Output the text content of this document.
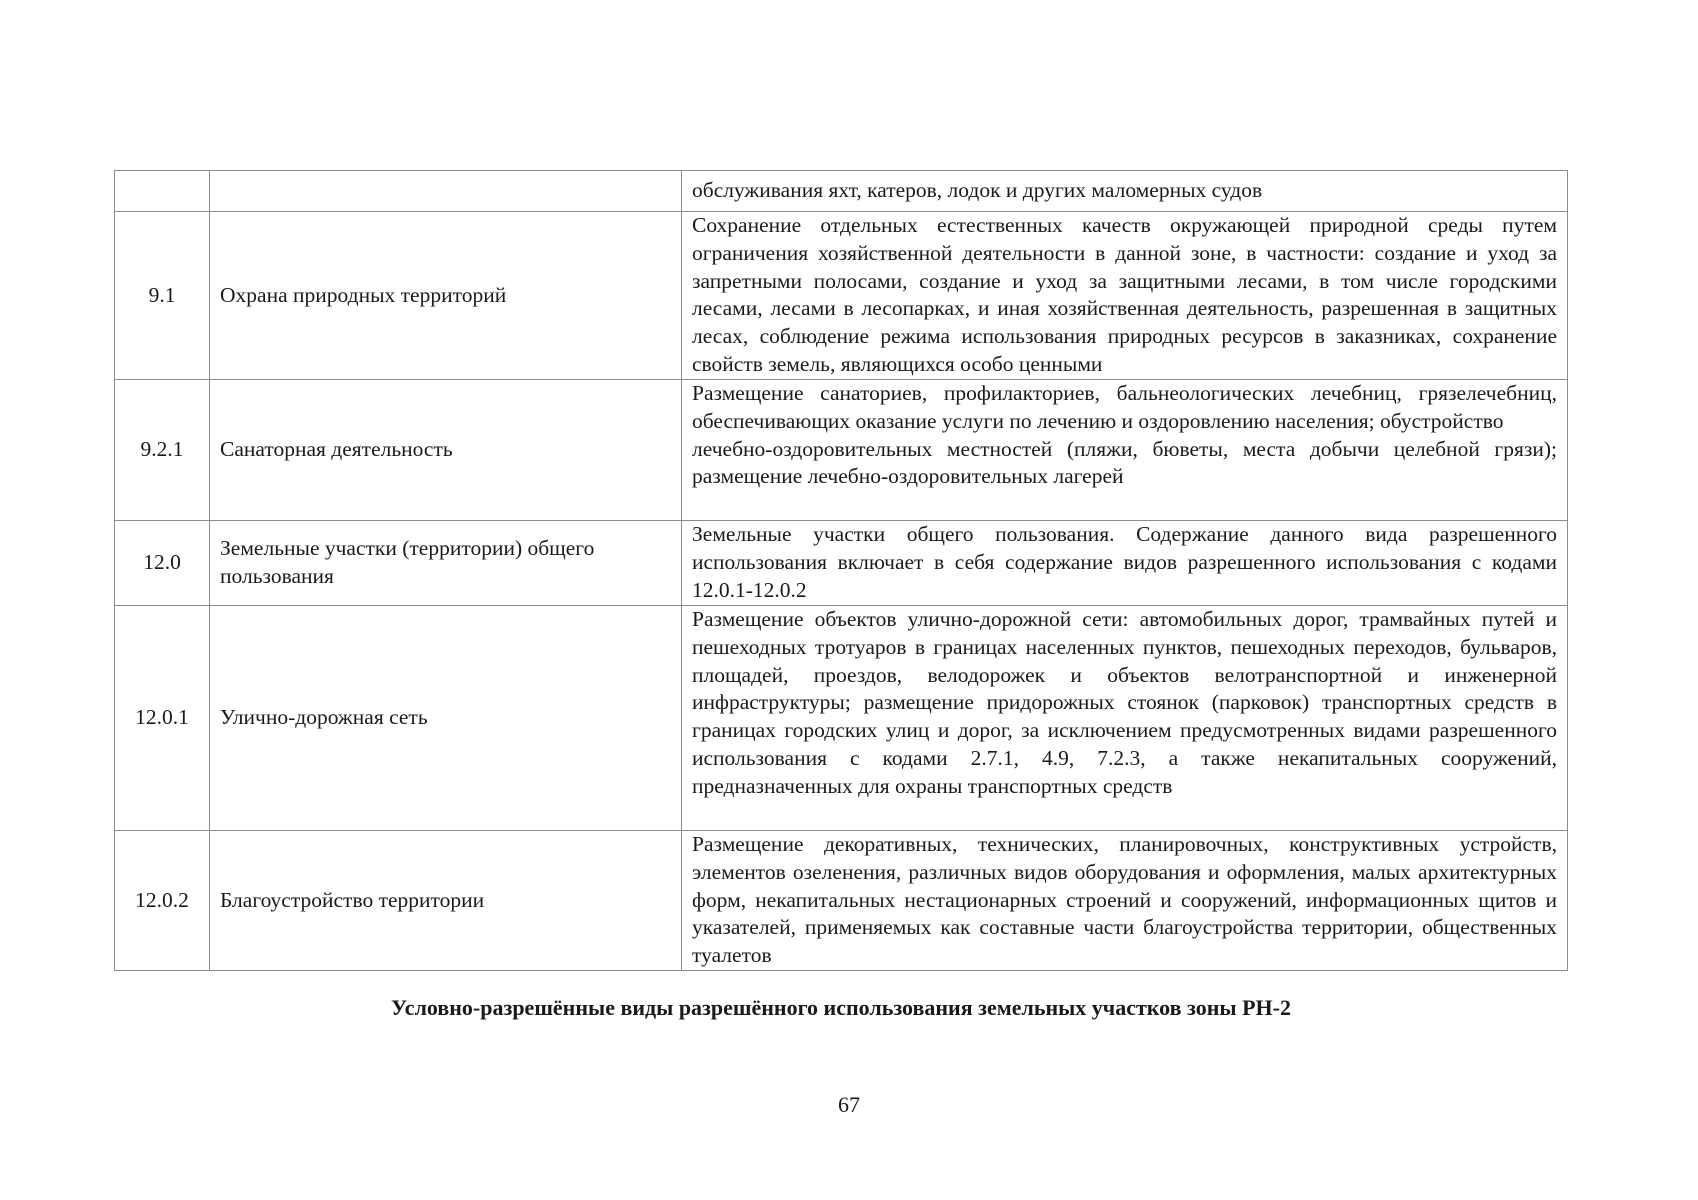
		обслуживания яхт, катеров, лодок и других маломерных судов
9.1	Охрана природных территорий	Сохранение отдельных естественных качеств окружающей природной среды путем ограничения хозяйственной деятельности в данной зоне, в частности: создание и уход за запретными полосами, создание и уход за защитными лесами, в том числе городскими лесами, лесами в лесопарках, и иная хозяйственная деятельность, разрешенная в защитных лесах, соблюдение режима использования природных ресурсов в заказниках, сохранение свойств земель, являющихся особо ценными
9.2.1	Санаторная деятельность	Размещение санаториев, профилакториев, бальнеологических лечебниц, грязелечебниц, обеспечивающих оказание услуги по лечению и оздоровлению населения; обустройство
лечебно-оздоровительных местностей (пляжи, бюветы, места добычи целебной грязи); размещение лечебно-оздоровительных лагерей

12.0	Земельные участки (территории) общего пользования	Земельные участки общего пользования. Содержание данного вида разрешенного использования включает в себя содержание видов разрешенного использования с кодами 12.0.1-12.0.2
12.0.1	Улично-дорожная сеть	Размещение объектов улично-дорожной сети: автомобильных дорог, трамвайных путей и пешеходных тротуаров в границах населенных пунктов, пешеходных переходов, бульваров, площадей, проездов, велодорожек и объектов велотранспортной и инженерной инфраструктуры; размещение придорожных стоянок (парковок) транспортных средств в границах городских улиц и дорог, за исключением предусмотренных видами разрешенного использования с кодами 2.7.1, 4.9, 7.2.3, а также некапитальных сооружений, предназначенных для охраны транспортных средств
12.0.2	Благоустройство территории	Размещение декоративных, технических, планировочных, конструктивных устройств, элементов озеленения, различных видов оборудования и оформления, малых архитектурных форм, некапитальных нестационарных строений и сооружений, информационных щитов и указателей, применяемых как составные части благоустройства территории, общественных туалетов
Условно-разрешённые виды разрешённого использования земельных участков зоны РН-2
67
